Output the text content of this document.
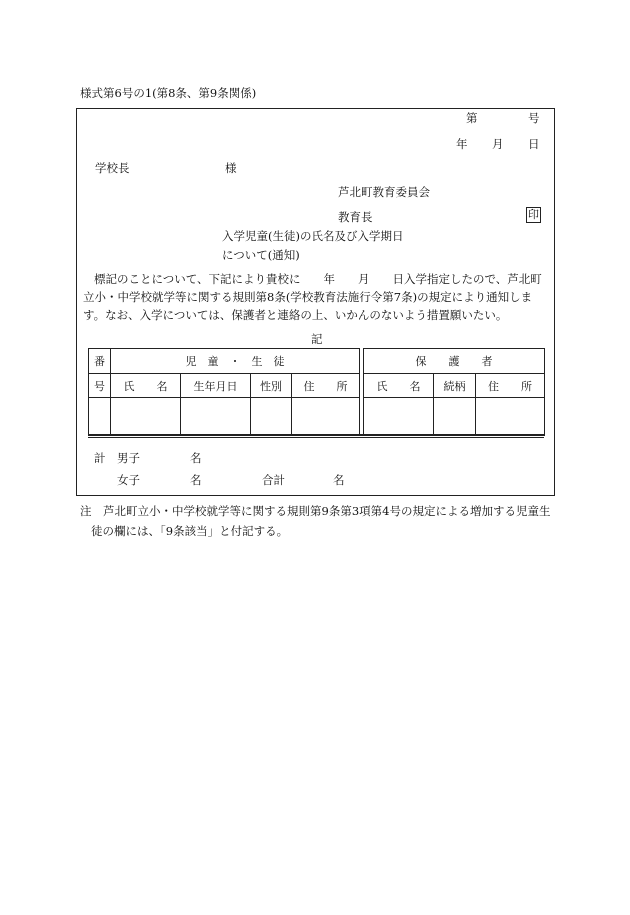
様式第6号の1(第8条、第9条関係)
第	号
年 月 日
学校長	様
芦北町教育委員会
教育長	印
入学児童(生徒)の氏名及び入学期日
について(通知)
標記のことについて、下記により貴校に　　年　　月　　日入学指定したので、芦北町
立小・中学校就学等に関する規則第8条(学校教育法施行令第7条)の規定により通知しま
す。なお、入学については、保護者と連絡の上、いかんのないよう措置願いたい。
記
番	児　童　・　生　徒					保　　護　　者		
号	氏　　名	生年月日	性別	住　　所		氏　　名	続柄	住　　所

計 男子	名
女子	名	合計	名
注　芦北町立小・中学校就学等に関する規則第9条第3項第4号の規定による増加する児童生
徒の欄には、「9条該当」と付記する。
